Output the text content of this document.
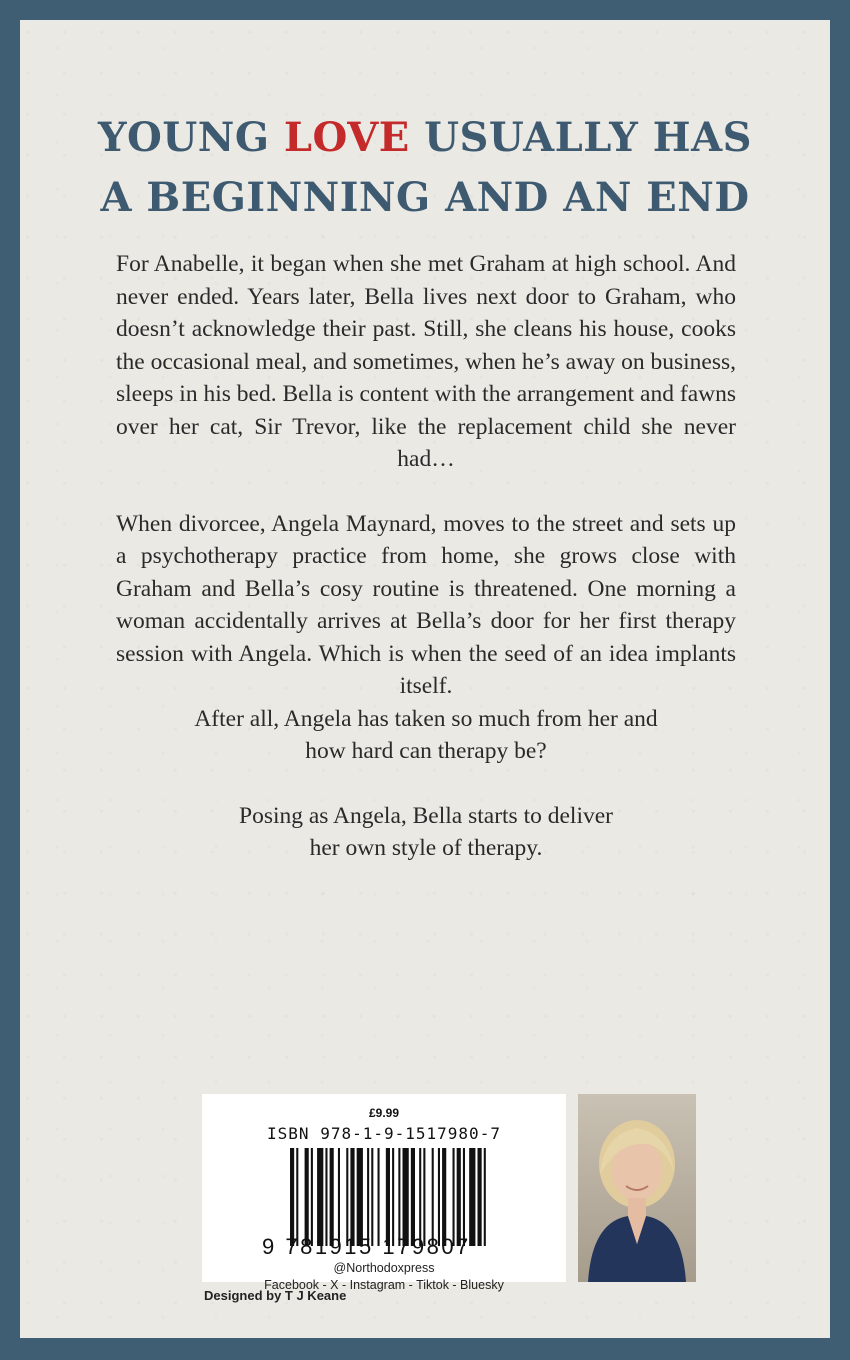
YOUNG LOVE USUALLY HAS
A BEGINNING AND AN END

For Anabelle, it began when she met Graham at high school. And never ended. Years later, Bella lives next door to Graham, who doesn’t acknowledge their past. Still, she cleans his house, cooks the occasional meal, and sometimes, when he’s away on business, sleeps in his bed. Bella is content with the arrangement and fawns over her cat, Sir Trevor, like the replacement child she never had…

When divorcee, Angela Maynard, moves to the street and sets up a psychotherapy practice from home, she grows close with Graham and Bella’s cosy routine is threatened. One morning a woman accidentally arrives at Bella’s door for her first therapy session with Angela. Which is when the seed of an idea implants itself.

After all, Angela has taken so much from her and

how hard can therapy be?

Posing as Angela, Bella starts to deliver

her own style of therapy.

£9.99
ISBN 978-1-9-1517980-7
9 781915 179807
@Northodoxpress
Facebook - X - Instagram - Tiktok - Bluesky
Designed by T J Keane
